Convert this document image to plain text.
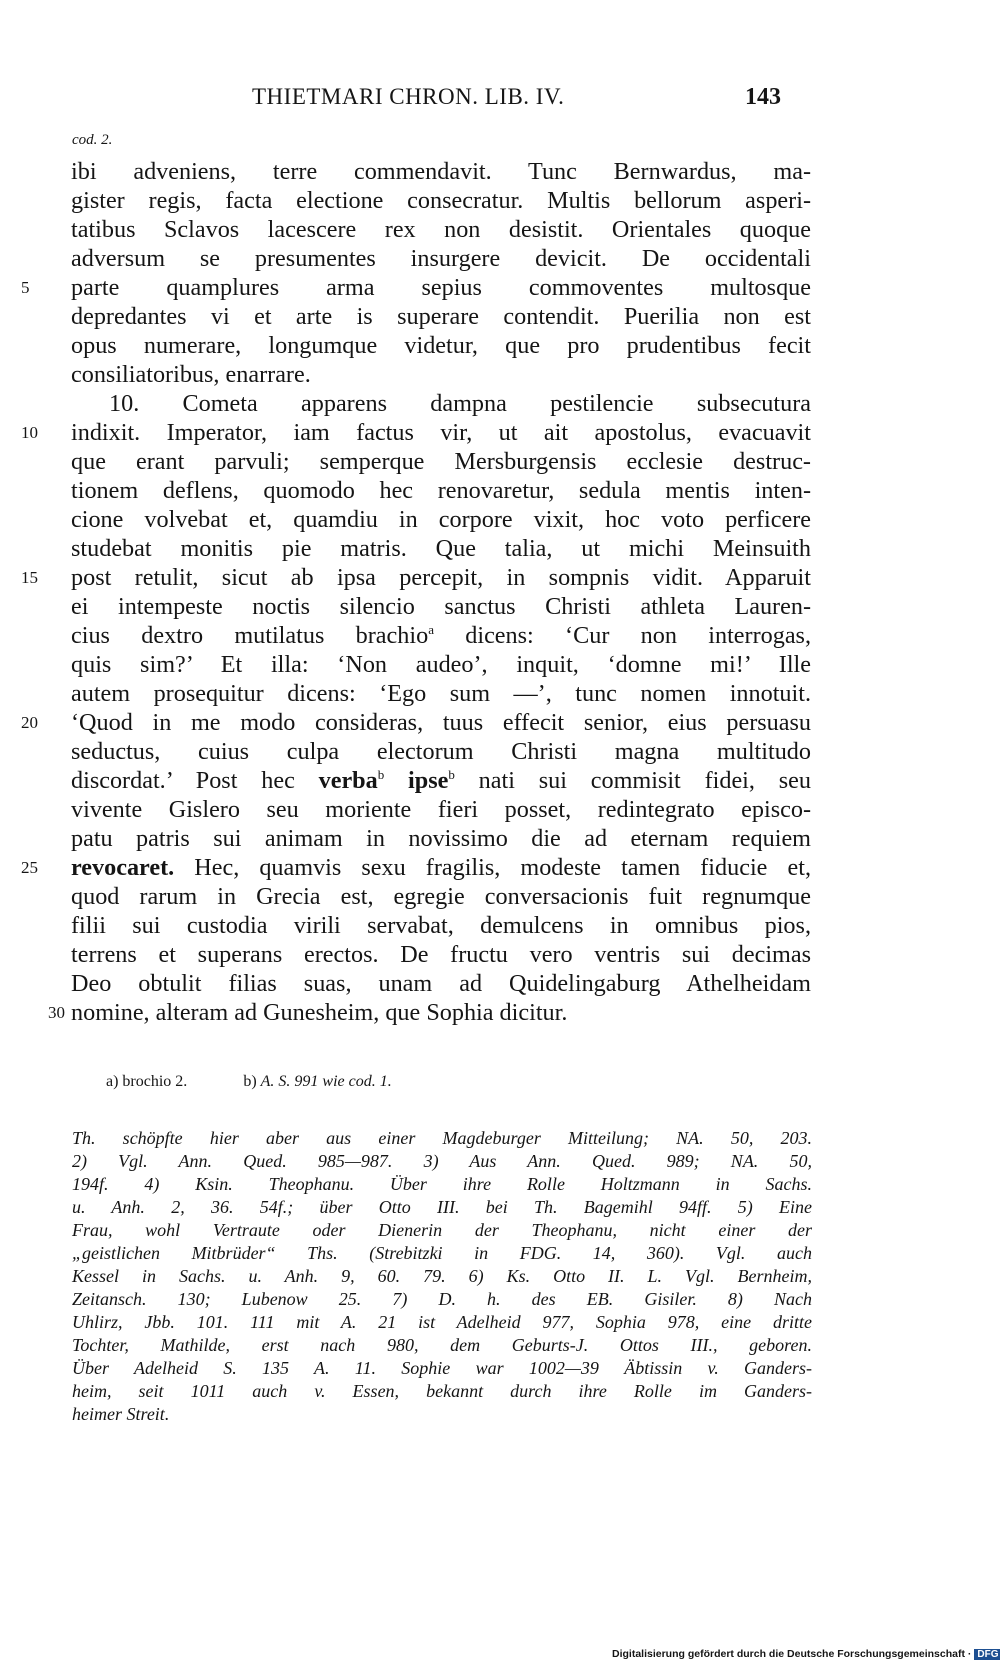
THIETMARI CHRON. LIB. IV.	143
cod. 2.
ibi adveniens, terre commendavit. Tunc Bernwardus, ma-
gister regis, facta electione consecratur. Multis bellorum asperi-
tatibus Sclavos lacescere rex non desistit. Orientales quoque
adversum se presumentes insurgere devicit. De occidentali
5	parte quamplures arma sepius commoventes multosque
depredantes vi et arte is superare contendit. Puerilia non est
opus numerare, longumque videtur, que pro prudentibus fecit
consiliatoribus, enarrare.
10. Cometa apparens dampna pestilencie subsecutura
10	indixit. Imperator, iam factus vir, ut ait apostolus, evacuavit
que erant parvuli; semperque Mersburgensis ecclesie destruc-
tionem deflens, quomodo hec renovaretur, sedula mentis inten-
cione volvebat et, quamdiu in corpore vixit, hoc voto perficere
studebat monitis pie matris. Que talia, ut michi Meinsuith
15	post retulit, sicut ab ipsa percepit, in sompnis vidit. Apparuit
ei intempeste noctis silencio sanctus Christi athleta Lauren-
cius dextro mutilatus brachio$^a$ dicens: ‘Cur non interrogas,
quis sim?’ Et illa: ‘Non audeo’, inquit, ‘domne mi!’ Ille
autem prosequitur dicens: ‘Ego sum —’, tunc nomen innotuit.
20	‘Quod in me modo consideras, tuus effecit senior, eius persuasu
seductus, cuius culpa electorum Christi magna multitudo
discordat.’ Post hec verba$^b$ ipse$^b$ nati sui commisit fidei, seu
vivente Gislero seu moriente fieri posset, redintegrato episco-
patu patris sui animam in novissimo die ad eternam requiem
25	revocaret. Hec, quamvis sexu fragilis, modeste tamen fiducie et,
quod rarum in Grecia est, egregie conversacionis fuit regnumque
filii sui custodia virili servabat, demulcens in omnibus pios,
terrens et superans erectos. De fructu vero ventris sui decimas
Deo obtulit filias suas, unam ad Quidelingaburg Athelheidam
30 nomine, alteram ad Gunesheim, que Sophia dicitur.
a) brochio 2.	b) A. S. 991 wie cod. 1.
Th. schöpfte hier aber aus einer Magdeburger Mitteilung; NA. 50, 203.
2) Vgl. Ann. Qued. 985—987. 3) Aus Ann. Qued. 989; NA. 50,
194f. 4) Ksin. Theophanu. Über ihre Rolle Holtzmann in Sachs.
u. Anh. 2, 36. 54f.; über Otto III. bei Th. Bagemihl 94ff. 5) Eine
Frau, wohl Vertraute oder Dienerin der Theophanu, nicht einer der
„geistlichen Mitbrüder“ Ths. (Strebitzki in FDG. 14, 360). Vgl. auch
Kessel in Sachs. u. Anh. 9, 60. 79. 6) Ks. Otto II. L. Vgl. Bernheim,
Zeitansch. 130; Lubenow 25. 7) D. h. des EB. Gisiler. 8) Nach
Uhlirz, Jbb. 101. 111 mit A. 21 ist Adelheid 977, Sophia 978, eine dritte
Tochter, Mathilde, erst nach 980, dem Geburts-J. Ottos III., geboren.
Über Adelheid S. 135 A. 11. Sophie war 1002—39 Äbtissin v. Ganders-
heim, seit 1011 auch v. Essen, bekannt durch ihre Rolle im Ganders-
heimer Streit.
Digitalisierung gefördert durch die Deutsche Forschungsgemeinschaft · DFG
